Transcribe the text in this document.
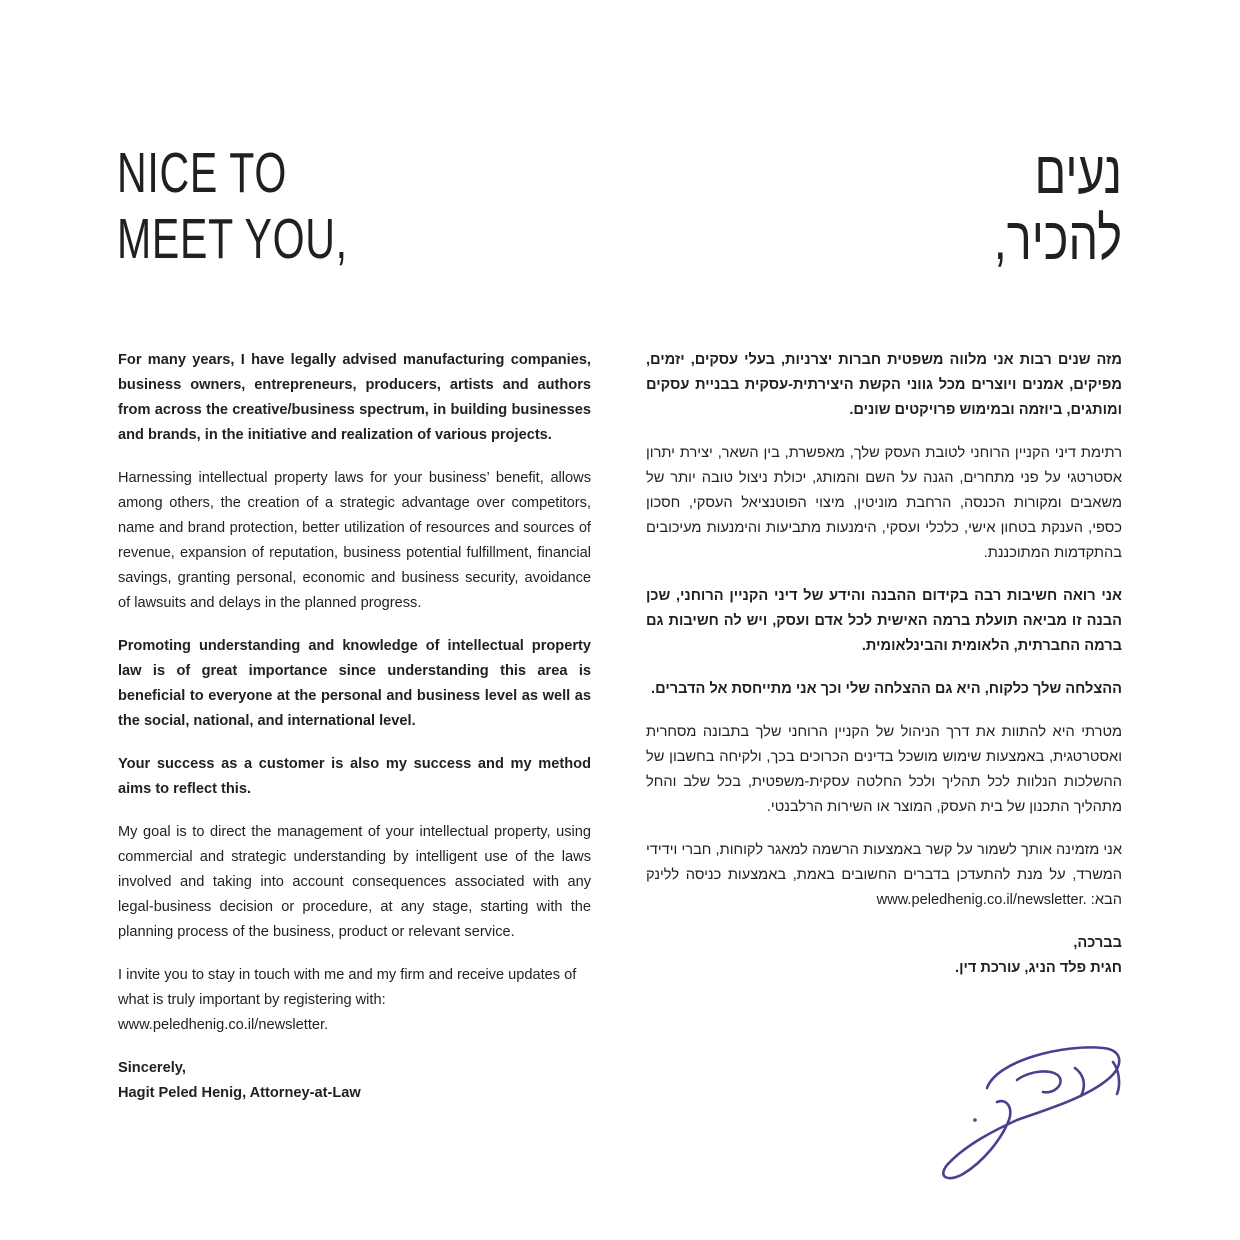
NICE TO
MEET YOU,
נעים
להכיר,

For many years, I have legally advised manufacturing companies, business owners, entrepreneurs, producers, artists and authors from across the creative/business spectrum, in building businesses and brands, in the initiative and realization of various projects.

Harnessing intellectual property laws for your business’ benefit, allows among others, the creation of a strategic advantage over competitors, name and brand protection, better utilization of resources and sources of revenue, expansion of reputation, business potential fulfillment, financial savings, granting personal, economic and business security, avoidance of lawsuits and delays in the planned progress.

Promoting understanding and knowledge of intellectual property law is of great importance since understanding this area is beneficial to everyone at the personal and business level as well as the social, national, and international level.

Your success as a customer is also my success and my method aims to reflect this.

My goal is to direct the management of your intellectual property, using commercial and strategic understanding by intelligent use of the laws involved and taking into account consequences associated with any legal-business decision or procedure, at any stage, starting with the planning process of the business, product or relevant service.

I invite you to stay in touch with me and my firm and receive updates of what is truly important by registering with: www.peledhenig.co.il/newsletter.

Sincerely,
Hagit Peled Henig, Attorney-at-Law

מזה שנים רבות אני מלווה משפטית חברות יצרניות, בעלי עסקים, יזמים, מפיקים, אמנים ויוצרים מכל גווני הקשת היצירתית-עסקית בבניית עסקים ומותגים, ביוזמה ובמימוש פרויקטים שונים.

רתימת דיני הקניין הרוחני לטובת העסק שלך, מאפשרת, בין השאר, יצירת יתרון אסטרטגי על פני מתחרים, הגנה על השם והמותג, יכולת ניצול טובה יותר של משאבים ומקורות הכנסה, הרחבת מוניטין, מיצוי הפוטנציאל העסקי, חסכון כספי, הענקת בטחון אישי, כלכלי ועסקי, הימנעות מתביעות והימנעות מעיכובים בהתקדמות המתוכננת.

אני רואה חשיבות רבה בקידום ההבנה והידע של דיני הקניין הרוחני, שכן הבנה זו מביאה תועלת ברמה האישית לכל אדם ועסק, ויש לה חשיבות גם ברמה החברתית, הלאומית והבינלאומית.

ההצלחה שלך כלקוח, היא גם ההצלחה שלי וכך אני מתייחסת אל הדברים.

מטרתי היא להתוות את דרך הניהול של הקניין הרוחני שלך בתבונה מסחרית ואסטרטגית, באמצעות שימוש מושכל בדינים הכרוכים בכך, ולקיחה בחשבון של ההשלכות הנלוות לכל תהליך ולכל החלטה עסקית-משפטית, בכל שלב והחל מתהליך התכנון של בית העסק, המוצר או השירות הרלבנטי.

אני מזמינה אותך לשמור על קשר באמצעות הרשמה למאגר לקוחות, חברי וידידי המשרד, על מנת להתעדכן בדברים החשובים באמת, באמצעות כניסה ללינק הבא: www.peledhenig.co.il/newsletter.

בברכה,
חגית פלד הניג, עורכת דין.
